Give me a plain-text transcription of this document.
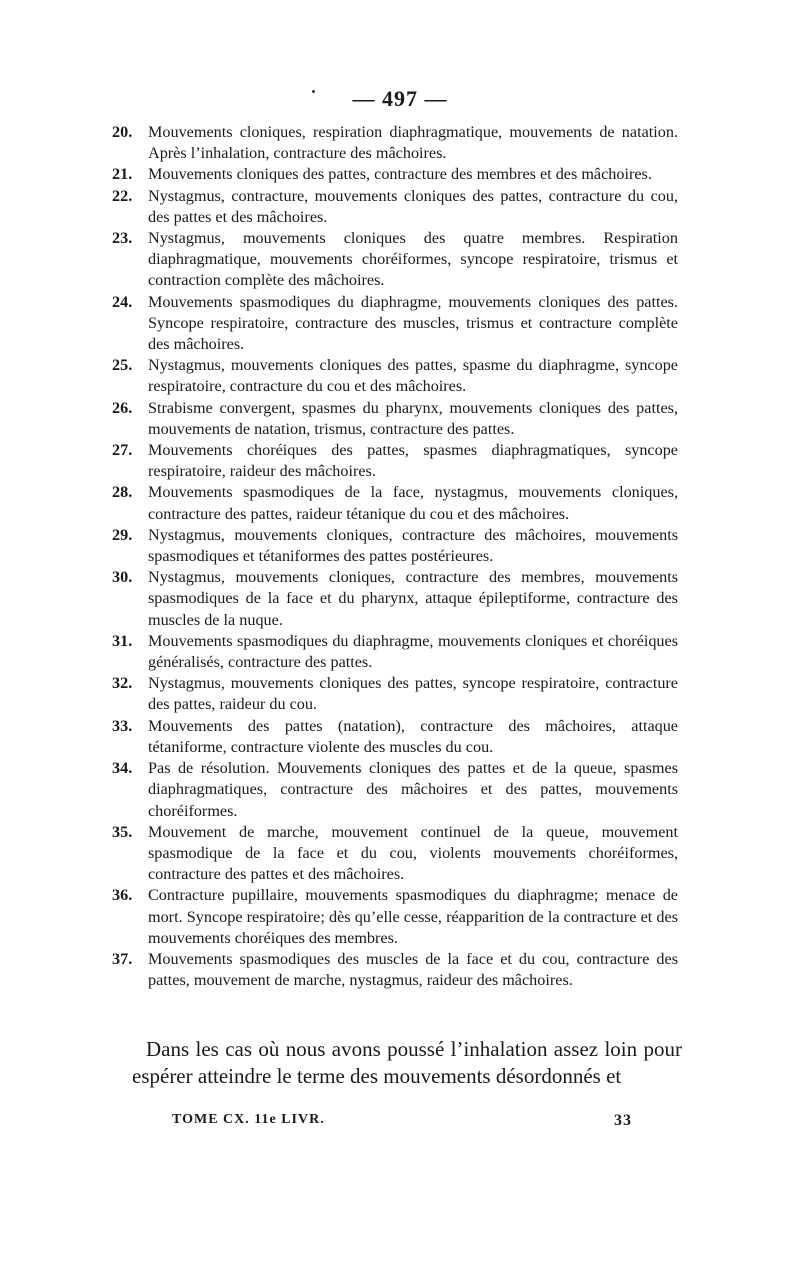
— 497 —

20. Mouvements cloniques, respiration diaphragmatique, mouvements de natation. Après l’inhalation, contracture des mâchoires.

21. Mouvements cloniques des pattes, contracture des membres et des mâchoires.

22. Nystagmus, contracture, mouvements cloniques des pattes, contracture du cou, des pattes et des mâchoires.

23. Nystagmus, mouvements cloniques des quatre membres. Respiration diaphragmatique, mouvements choréiformes, syncope respiratoire, trismus et contraction complète des mâchoires.

24. Mouvements spasmodiques du diaphragme, mouvements cloniques des pattes. Syncope respiratoire, contracture des muscles, trismus et contracture complète des mâchoires.

25. Nystagmus, mouvements cloniques des pattes, spasme du diaphragme, syncope respiratoire, contracture du cou et des mâchoires.

26. Strabisme convergent, spasmes du pharynx, mouvements cloniques des pattes, mouvements de natation, trismus, contracture des pattes.

27. Mouvements choréiques des pattes, spasmes diaphragmatiques, syncope respiratoire, raideur des mâchoires.

28. Mouvements spasmodiques de la face, nystagmus, mouvements cloniques, contracture des pattes, raideur tétanique du cou et des mâchoires.

29. Nystagmus, mouvements cloniques, contracture des mâchoires, mouvements spasmodiques et tétaniformes des pattes postérieures.

30. Nystagmus, mouvements cloniques, contracture des membres, mouvements spasmodiques de la face et du pharynx, attaque épileptiforme, contracture des muscles de la nuque.

31. Mouvements spasmodiques du diaphragme, mouvements cloniques et choréiques généralisés, contracture des pattes.

32. Nystagmus, mouvements cloniques des pattes, syncope respiratoire, contracture des pattes, raideur du cou.

33. Mouvements des pattes (natation), contracture des mâchoires, attaque tétaniforme, contracture violente des muscles du cou.

34. Pas de résolution. Mouvements cloniques des pattes et de la queue, spasmes diaphragmatiques, contracture des mâchoires et des pattes, mouvements choréiformes.

35. Mouvement de marche, mouvement continuel de la queue, mouvement spasmodique de la face et du cou, violents mouvements choréiformes, contracture des pattes et des mâchoires.

36. Contracture pupillaire, mouvements spasmodiques du diaphragme; menace de mort. Syncope respiratoire; dès qu’elle cesse, réapparition de la contracture et des mouvements choréiques des membres.

37. Mouvements spasmodiques des muscles de la face et du cou, contracture des pattes, mouvement de marche, nystagmus, raideur des mâchoires.

Dans les cas où nous avons poussé l’inhalation assez loin pour espérer atteindre le terme des mouvements désordonnés et

TOME CX. 11e LIVR.	33
